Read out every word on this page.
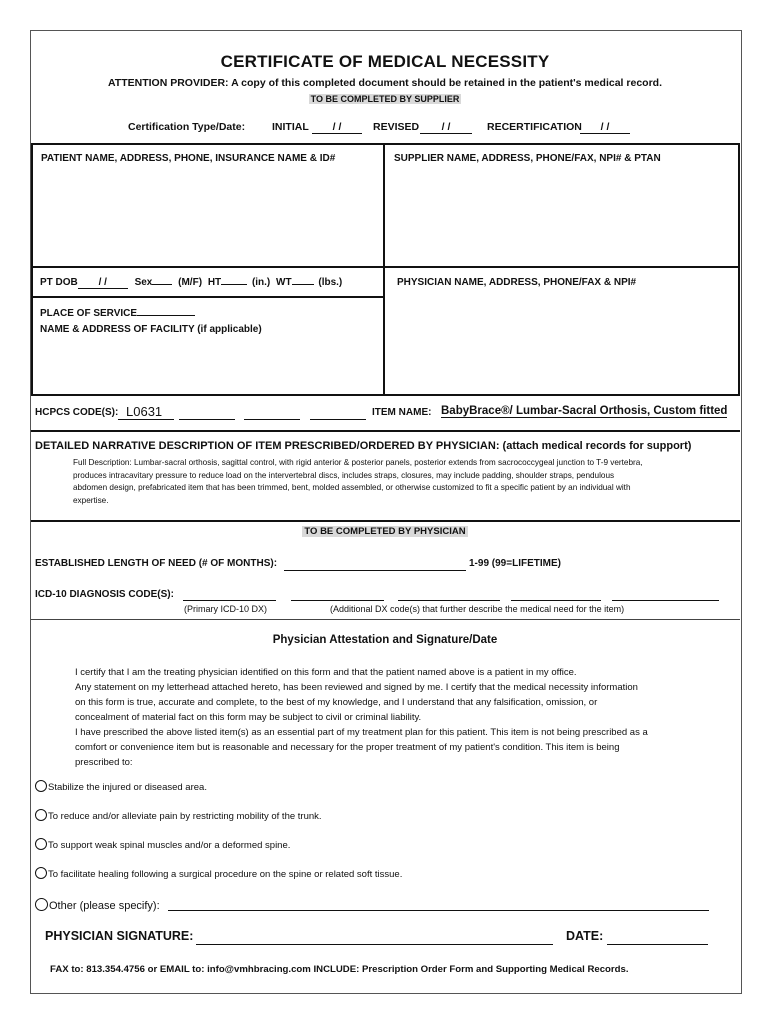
CERTIFICATE OF MEDICAL NECESSITY
ATTENTION PROVIDER: A copy of this completed document should be retained in the patient's medical record.
TO BE COMPLETED BY SUPPLIER
Certification Type/Date:	INITIAL	/ /	REVISED	/ /	RECERTIFICATION	/ /
PATIENT NAME, ADDRESS, PHONE, INSURANCE NAME & ID#	SUPPLIER NAME, ADDRESS, PHONE/FAX, NPI# & PTAN
PT DOB / /	Sex	(M/F) HT	(in.) WT	(lbs.)	PHYSICIAN NAME, ADDRESS, PHONE/FAX & NPI#
PLACE OF SERVICE
NAME & ADDRESS OF FACILITY (if applicable)
HCPCS CODE(S): L0631	ITEM NAME: BabyBrace®/ Lumbar-Sacral Orthosis, Custom fitted
DETAILED NARRATIVE DESCRIPTION OF ITEM PRESCRIBED/ORDERED BY PHYSICIAN: (attach medical records for support)
Full Description: Lumbar-sacral orthosis, sagittal control, with rigid anterior & posterior panels, posterior extends from sacrococcygeal junction to T-9 vertebra,
produces intracavitary pressure to reduce load on the intervertebral discs, includes straps, closures, may include padding, shoulder straps, pendulous
abdomen design, prefabricated item that has been trimmed, bent, molded assembled, or otherwise customized to fit a specific patient by an individual with
expertise.
TO BE COMPLETED BY PHYSICIAN
ESTABLISHED LENGTH OF NEED (# OF MONTHS):	1-99 (99=LIFETIME)
ICD-10 DIAGNOSIS CODE(S):
(Primary ICD-10 DX)	(Additional DX code(s) that further describe the medical need for the item)
Physician Attestation and Signature/Date
I certify that I am the treating physician identified on this form and that the patient named above is a patient in my office.
Any statement on my letterhead attached hereto, has been reviewed and signed by me. I certify that the medical necessity information
on this form is true, accurate and complete, to the best of my knowledge, and I understand that any falsification, omission, or
concealment of material fact on this form may be subject to civil or criminal liability.
I have prescribed the above listed item(s) as an essential part of my treatment plan for this patient. This item is not being prescribed as a
comfort or convenience item but is reasonable and necessary for the proper treatment of my patient's condition. This item is being
prescribed to:
Stabilize the injured or diseased area.
To reduce and/or alleviate pain by restricting mobility of the trunk.
To support weak spinal muscles and/or a deformed spine.
To facilitate healing following a surgical procedure on the spine or related soft tissue.
Other (please specify):
PHYSICIAN SIGNATURE:	DATE:
FAX to: 813.354.4756 or EMAIL to: info@vmhbracing.com INCLUDE: Prescription Order Form and Supporting Medical Records.
